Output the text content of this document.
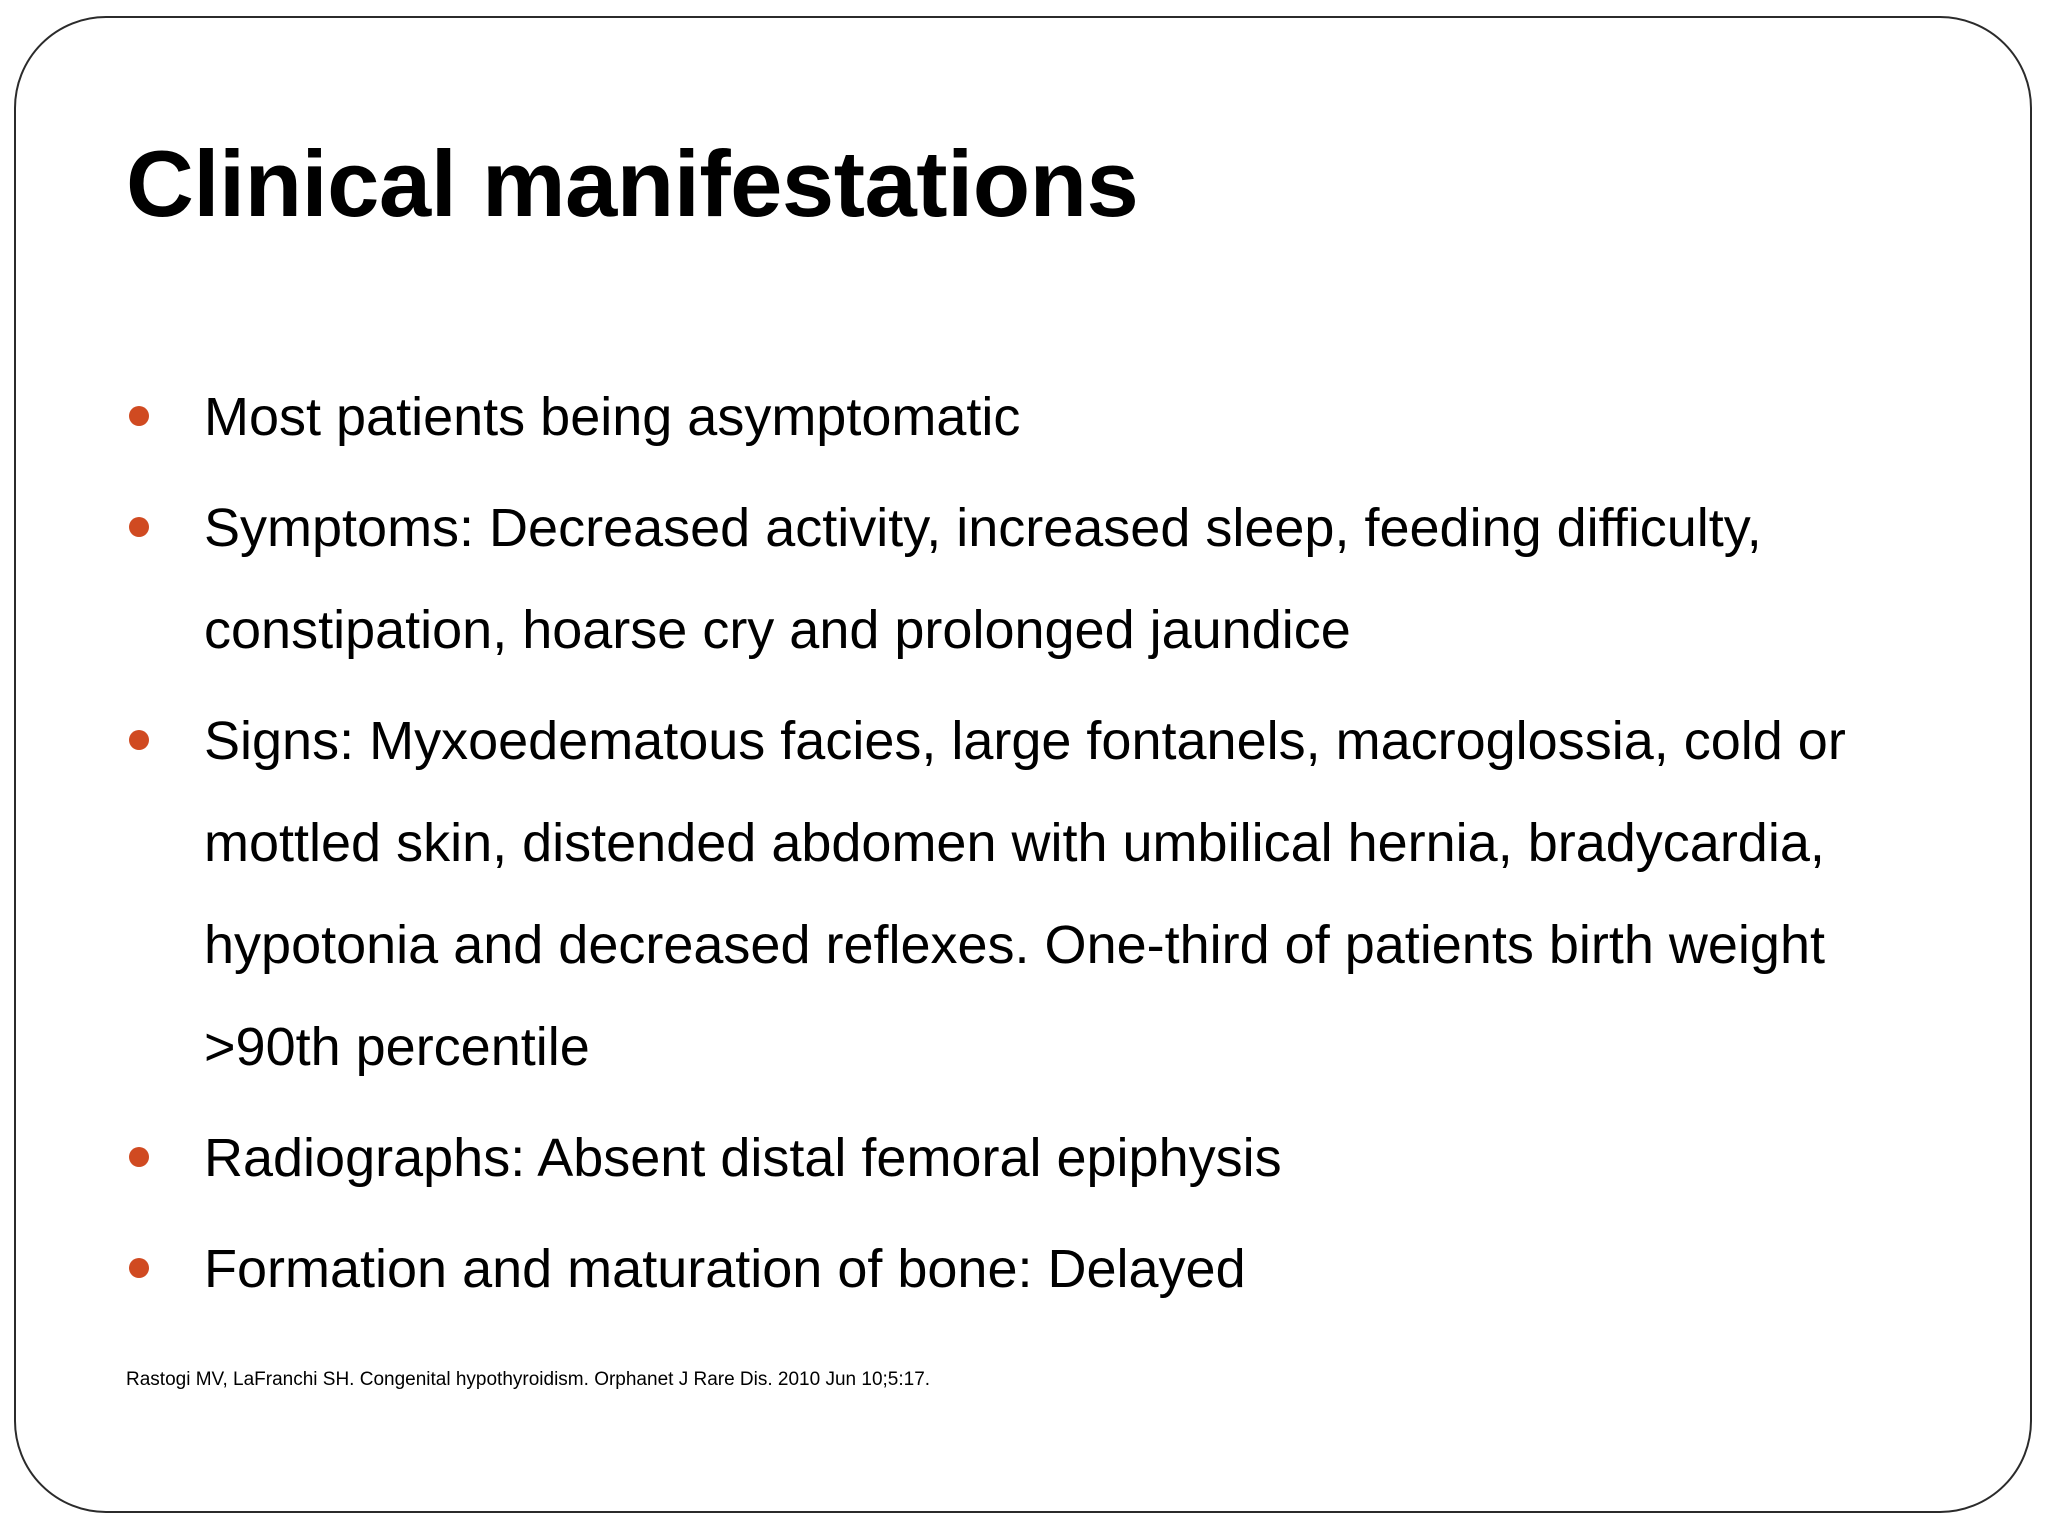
Clinical manifestations
Most patients being asymptomatic
Symptoms: Decreased activity, increased sleep, feeding difficulty, constipation, hoarse cry and prolonged jaundice
Signs: Myxoedematous facies, large fontanels, macroglossia, cold or mottled skin, distended abdomen with umbilical hernia, bradycardia, hypotonia and decreased reflexes. One-third of patients birth weight >90th percentile
Radiographs: Absent distal femoral epiphysis
Formation and maturation of bone: Delayed

Rastogi MV, LaFranchi SH. Congenital hypothyroidism. Orphanet J Rare Dis. 2010 Jun 10;5:17.
